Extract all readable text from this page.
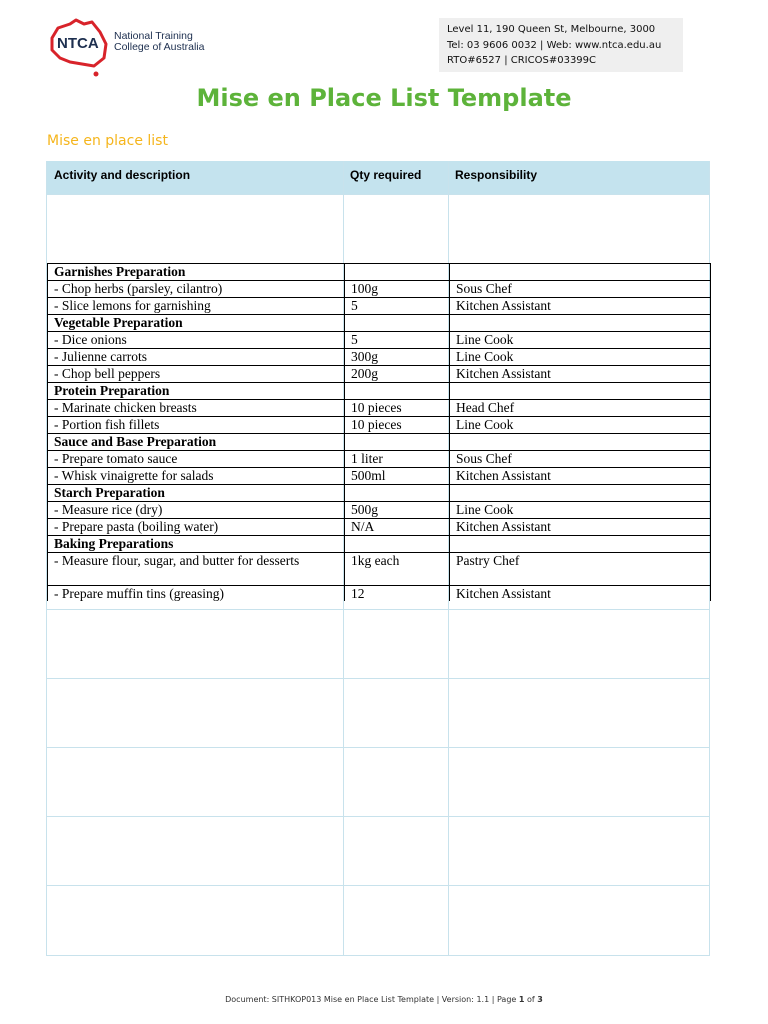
NTCA National Training
College of Australia
Level 11, 190 Queen St, Melbourne, 3000
Tel: 03 9606 0032 | Web: www.ntca.edu.au
RTO#6527 | CRICOS#03399C
Mise en Place List Template
Mise en place list
Activity and description	Qty required	Responsibility
Garnishes Preparation		
- Chop herbs (parsley, cilantro)	100g	Sous Chef
- Slice lemons for garnishing	5	Kitchen Assistant
Vegetable Preparation		
- Dice onions	5	Line Cook
- Julienne carrots	300g	Line Cook
- Chop bell peppers	200g	Kitchen Assistant
Protein Preparation		
- Marinate chicken breasts	10 pieces	Head Chef
- Portion fish fillets	10 pieces	Line Cook
Sauce and Base Preparation		
- Prepare tomato sauce	1 liter	Sous Chef
- Whisk vinaigrette for salads	500ml	Kitchen Assistant
Starch Preparation		
- Measure rice (dry)	500g	Line Cook
- Prepare pasta (boiling water)	N/A	Kitchen Assistant
Baking Preparations		
- Measure flour, sugar, and butter for desserts	1kg each	Pastry Chef
- Prepare muffin tins (greasing)	12	Kitchen Assistant
Document: SITHKOP013 Mise en Place List Template | Version: 1.1 | Page 1 of 3
